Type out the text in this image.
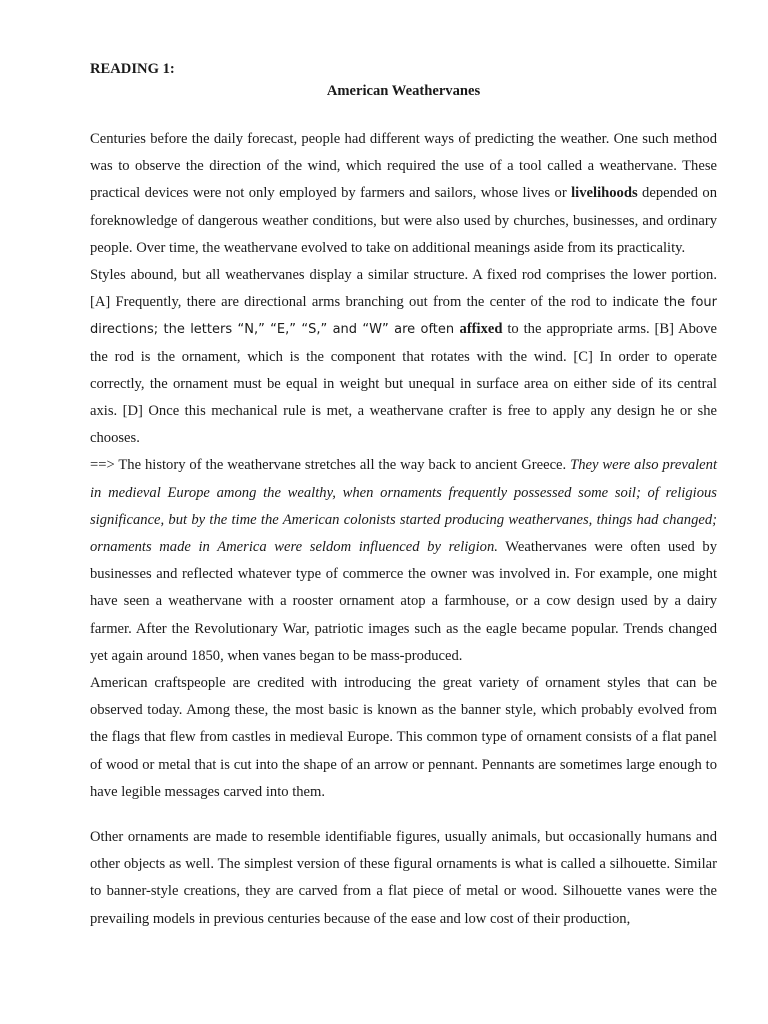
READING 1:

American Weathervanes

Centuries before the daily forecast, people had different ways of predicting the weather. One such method was to observe the direction of the wind, which required the use of a tool called a weathervane. These practical devices were not only employed by farmers and sailors, whose lives or livelihoods depended on foreknowledge of dangerous weather conditions, but were also used by churches, businesses, and ordinary people. Over time, the weathervane evolved to take on additional meanings aside from its practicality.

Styles abound, but all weathervanes display a similar structure. A fixed rod comprises the lower portion. [A] Frequently, there are directional arms branching out from the center of the rod to indicate the four directions; the letters “N,” “E,” “S,” and “W” are often affixed to the appropriate arms. [B] Above the rod is the ornament, which is the component that rotates with the wind. [C] In order to operate correctly, the ornament must be equal in weight but unequal in surface area on either side of its central axis. [D] Once this mechanical rule is met, a weathervane crafter is free to apply any design he or she chooses.

==> The history of the weathervane stretches all the way back to ancient Greece. They were also prevalent in medieval Europe among the wealthy, when ornaments frequently possessed some soil; of religious significance, but by the time the American colonists started producing weathervanes, things had changed; ornaments made in America were seldom influenced by religion. Weathervanes were often used by businesses and reflected whatever type of commerce the owner was involved in. For example, one might have seen a weathervane with a rooster ornament atop a farmhouse, or a cow design used by a dairy farmer. After the Revolutionary War, patriotic images such as the eagle became popular. Trends changed yet again around 1850, when vanes began to be mass-produced.

American craftspeople are credited with introducing the great variety of ornament styles that can be observed today. Among these, the most basic is known as the banner style, which probably evolved from the flags that flew from castles in medieval Europe. This common type of ornament consists of a flat panel of wood or metal that is cut into the shape of an arrow or pennant. Pennants are sometimes large enough to have legible messages carved into them.

Other ornaments are made to resemble identifiable figures, usually animals, but occasionally humans and other objects as well. The simplest version of these figural ornaments is what is called a silhouette. Similar to banner-style creations, they are carved from a flat piece of metal or wood. Silhouette vanes were the prevailing models in previous centuries because of the ease and low cost of their production,
